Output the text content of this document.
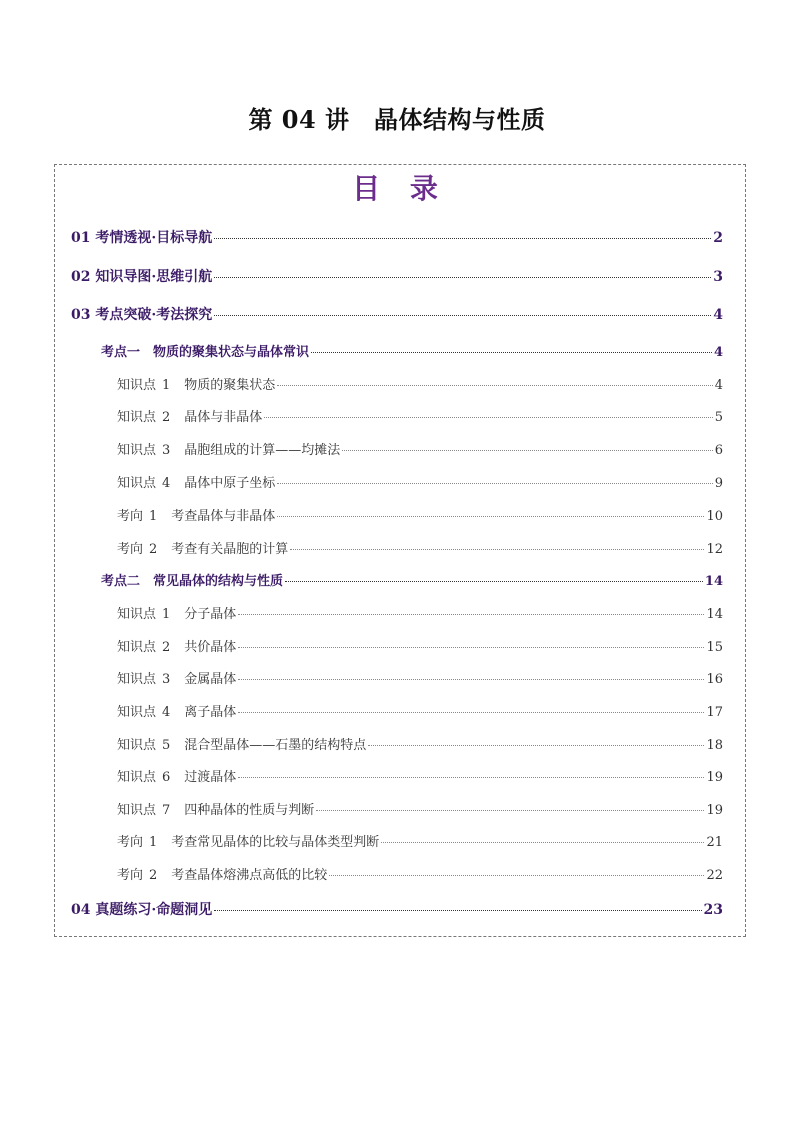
第 04 讲　晶体结构与性质
目 录
01 考情透视·目标导航	2
02 知识导图·思维引航	3
03 考点突破·考法探究	4
考点一　物质的聚集状态与晶体常识	4
知识点 1 物质的聚集状态	4
知识点 2 晶体与非晶体	5
知识点 3 晶胞组成的计算——均摊法	6
知识点 4 晶体中原子坐标	9
考向 1 考查晶体与非晶体	10
考向 2 考查有关晶胞的计算	12
考点二　常见晶体的结构与性质	14
知识点 1 分子晶体	14
知识点 2 共价晶体	15
知识点 3 金属晶体	16
知识点 4 离子晶体	17
知识点 5 混合型晶体——石墨的结构特点	18
知识点 6 过渡晶体	19
知识点 7 四种晶体的性质与判断	19
考向 1 考查常见晶体的比较与晶体类型判断	21
考向 2 考查晶体熔沸点高低的比较	22
04 真题练习·命题洞见	23
